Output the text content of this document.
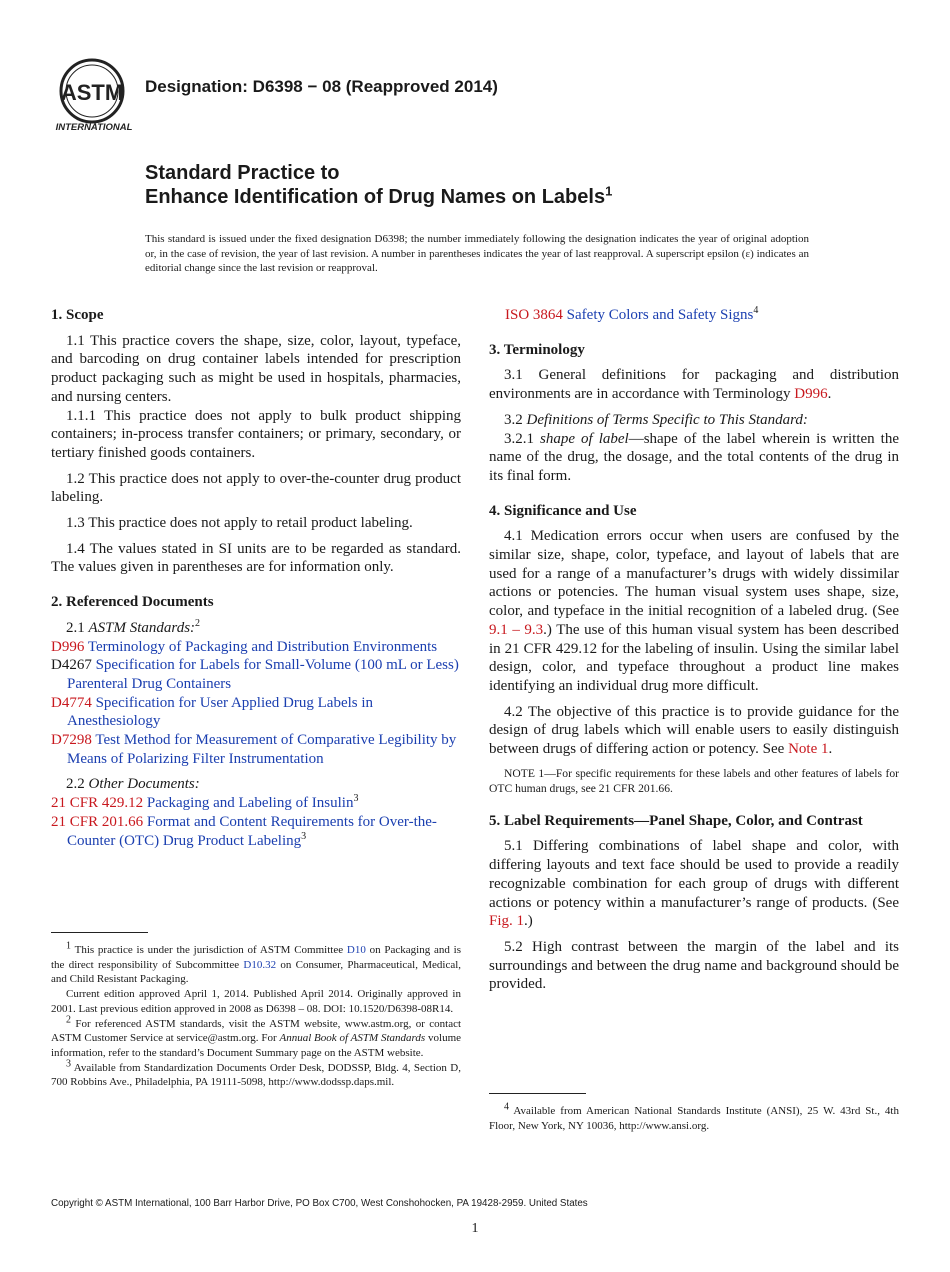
ASTM
INTERNATIONAL
Designation: D6398 − 08 (Reapproved 2014)
Standard Practice to
Enhance Identification of Drug Names on Labels$^1$
This standard is issued under the fixed designation D6398; the number immediately following the designation indicates the year of original adoption or, in the case of revision, the year of last revision. A number in parentheses indicates the year of last reapproval. A superscript epsilon (ε) indicates an editorial change since the last revision or reapproval.
1. Scope

1.1 This practice covers the shape, size, color, layout, typeface, and barcoding on drug container labels intended for prescription product packaging such as might be used in hospitals, pharmacies, and nursing centers.

1.1.1 This practice does not apply to bulk product shipping containers; in-process transfer containers; or primary, secondary, or tertiary finished goods containers.

1.2 This practice does not apply to over-the-counter drug product labeling.

1.3 This practice does not apply to retail product labeling.

1.4 The values stated in SI units are to be regarded as standard. The values given in parentheses are for information only.

2. Referenced Documents

2.1 ASTM Standards:$^2$

D996 Terminology of Packaging and Distribution Environments

D4267 Specification for Labels for Small-Volume (100 mL or Less) Parenteral Drug Containers

D4774 Specification for User Applied Drug Labels in Anesthesiology

D7298 Test Method for Measurement of Comparative Legibility by Means of Polarizing Filter Instrumentation

2.2 Other Documents:

21 CFR 429.12 Packaging and Labeling of Insulin$^3$

21 CFR 201.66 Format and Content Requirements for Over-the-Counter (OTC) Drug Product Labeling$^3$

$^1$ This practice is under the jurisdiction of ASTM Committee D10 on Packaging and is the direct responsibility of Subcommittee D10.32 on Consumer, Pharmaceutical, Medical, and Child Resistant Packaging.

Current edition approved April 1, 2014. Published April 2014. Originally approved in 2001. Last previous edition approved in 2008 as D6398 – 08. DOI: 10.1520/D6398-08R14.

$^2$ For referenced ASTM standards, visit the ASTM website, www.astm.org, or contact ASTM Customer Service at service@astm.org. For Annual Book of ASTM Standards volume information, refer to the standard’s Document Summary page on the ASTM website.

$^3$ Available from Standardization Documents Order Desk, DODSSP, Bldg. 4, Section D, 700 Robbins Ave., Philadelphia, PA 19111-5098, http://www.dodssp.daps.mil.

ISO 3864 Safety Colors and Safety Signs$^4$

3. Terminology

3.1 General definitions for packaging and distribution environments are in accordance with Terminology D996.

3.2 Definitions of Terms Specific to This Standard:

3.2.1 shape of label—shape of the label wherein is written the name of the drug, the dosage, and the total contents of the drug in its final form.

4. Significance and Use

4.1 Medication errors occur when users are confused by the similar size, shape, color, typeface, and layout of labels that are used for a range of a manufacturer’s drugs with widely dissimilar actions or potencies. The human visual system uses shape, size, color, and typeface in the initial recognition of a labeled drug. (See 9.1 – 9.3.) The use of this human visual system has been described in 21 CFR 429.12 for the labeling of insulin. Using the similar label design, color, and typeface throughout a product line makes identifying an individual drug more difficult.

4.2 The objective of this practice is to provide guidance for the design of drug labels which will enable users to easily distinguish between drugs of differing action or potency. See Note 1.

NOTE 1—For specific requirements for these labels and other features of labels for OTC human drugs, see 21 CFR 201.66.

5. Label Requirements—Panel Shape, Color, and Contrast

5.1 Differing combinations of label shape and color, with differing layouts and text face should be used to provide a readily recognizable combination for each group of drugs with different actions or potency within a manufacturer’s range of products. (See Fig. 1.)

5.2 High contrast between the margin of the label and its surroundings and between the drug name and background should be provided.

$^4$ Available from American National Standards Institute (ANSI), 25 W. 43rd St., 4th Floor, New York, NY 10036, http://www.ansi.org.

Copyright © ASTM International, 100 Barr Harbor Drive, PO Box C700, West Conshohocken, PA 19428-2959. United States
1
